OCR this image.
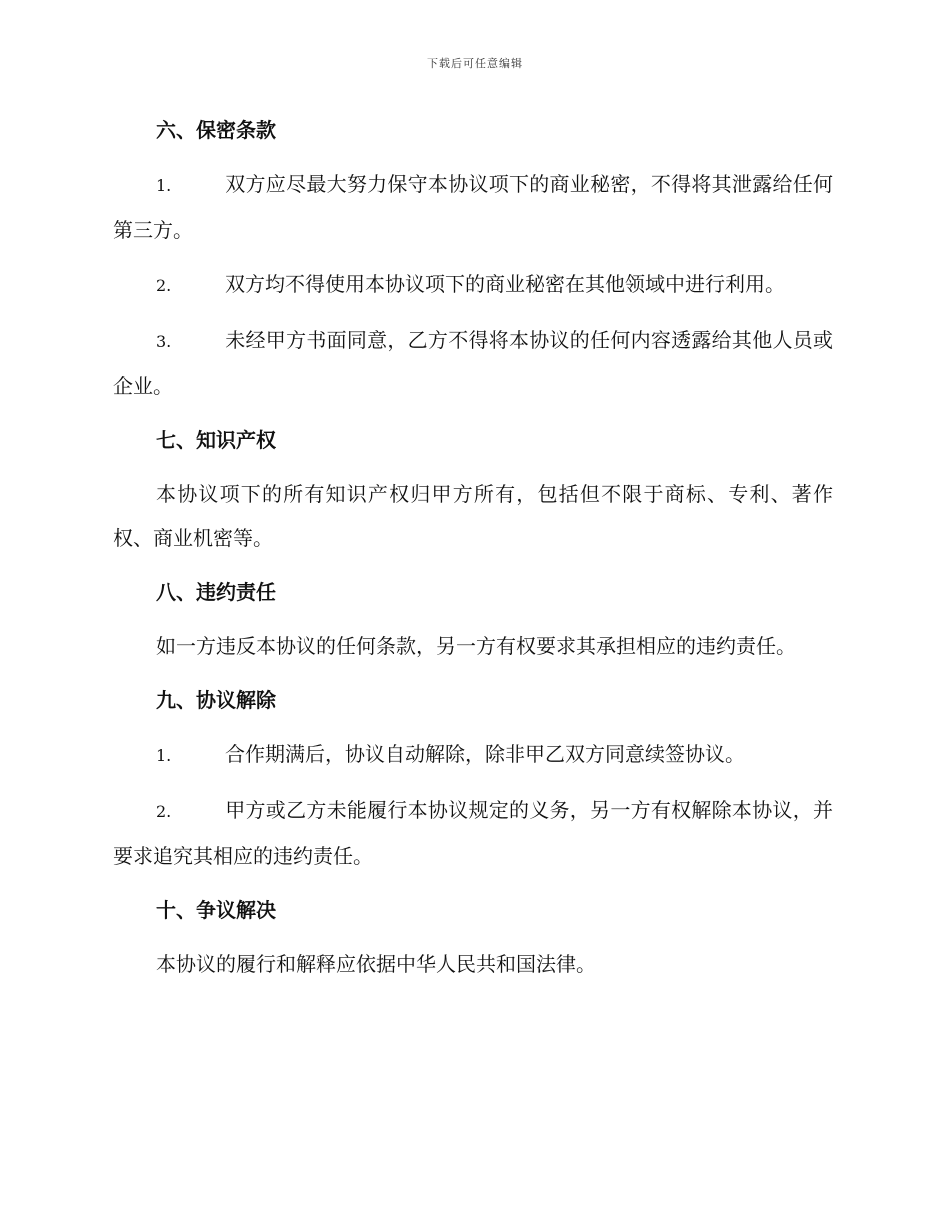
下载后可任意编辑
六、保密条款
1.	双方应尽最大努力保守本协议项下的商业秘密，不得将其泄露给任何第三方。
2.	双方均不得使用本协议项下的商业秘密在其他领域中进行利用。
3.	未经甲方书面同意，乙方不得将本协议的任何内容透露给其他人员或企业。
七、知识产权
本协议项下的所有知识产权归甲方所有，包括但不限于商标、专利、著作权、商业机密等。
八、违约责任
如一方违反本协议的任何条款，另一方有权要求其承担相应的违约责任。
九、协议解除
1.	合作期满后，协议自动解除，除非甲乙双方同意续签协议。
2.	甲方或乙方未能履行本协议规定的义务，另一方有权解除本协议，并要求追究其相应的违约责任。
十、争议解决
本协议的履行和解释应依据中华人民共和国法律。
